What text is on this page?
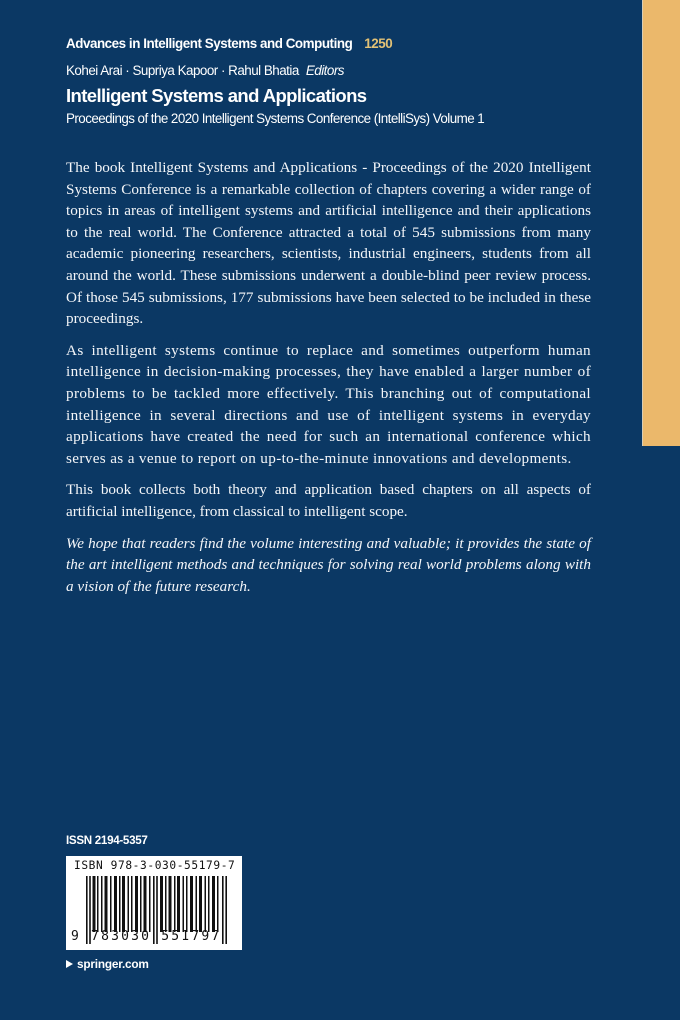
Advances in Intelligent Systems and Computing 1250
Kohei Arai · Supriya Kapoor · Rahul Bhatia Editors
Intelligent Systems and Applications
Proceedings of the 2020 Intelligent Systems Conference (IntelliSys) Volume 1

The book Intelligent Systems and Applications - Proceedings of the 2020 Intelligent Systems Conference is a remarkable collection of chapters covering a wider range of topics in areas of intelligent systems and artificial intelligence and their applications to the real world. The Conference attracted a total of 545 submissions from many academic pioneering researchers, scientists, industrial engineers, students from all around the world. These submissions underwent a double-blind peer review process. Of those 545 submissions, 177 submissions have been selected to be included in these proceedings.

As intelligent systems continue to replace and sometimes outperform human intelligence in decision-making processes, they have enabled a larger number of problems to be tackled more effectively. This branching out of computational intelligence in several directions and use of intelligent systems in everyday applications have created the need for such an international conference which serves as a venue to report on up-to-the-minute innovations and developments.

This book collects both theory and application based chapters on all aspects of artificial intelligence, from classical to intelligent scope.

We hope that readers find the volume interesting and valuable; it provides the state of the art intelligent methods and techniques for solving real world problems along with a vision of the future research.

ISSN 2194-5357
ISBN 978-3-030-55179-7
9 783030 551797
springer.com
